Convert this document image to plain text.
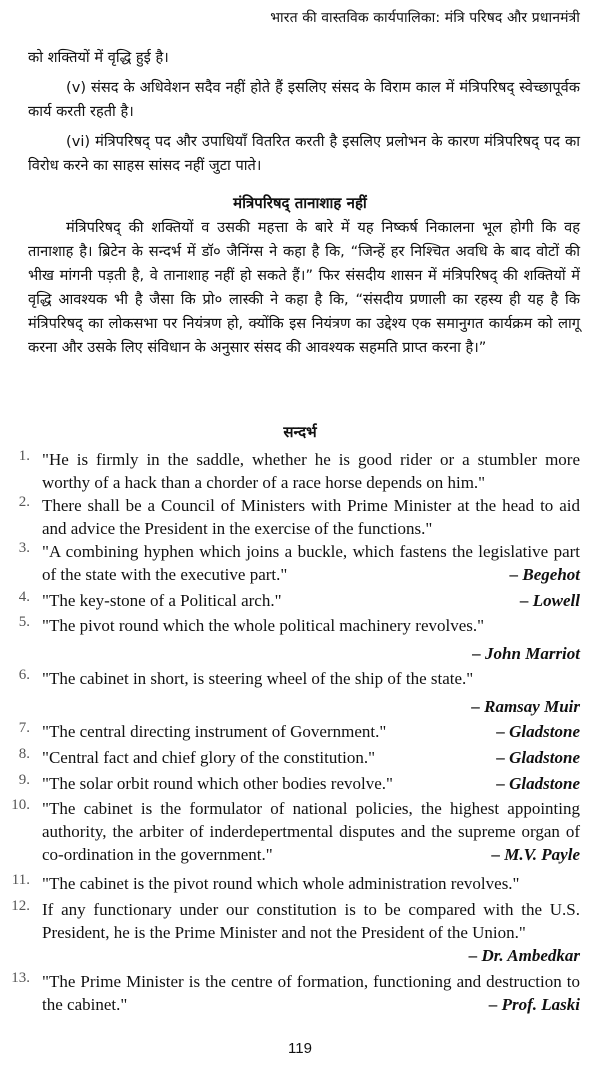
भारत की वास्तविक कार्यपालिका: मंत्रि परिषद और प्रधानमंत्री

को शक्तियों में वृद्धि हुई है।

(v) संसद के अधिवेशन सदैव नहीं होते हैं इसलिए संसद के विराम काल में मंत्रिपरिषद् स्वेच्छापूर्वक कार्य करती रहती है।

(vi) मंत्रिपरिषद् पद और उपाधियाँ वितरित करती है इसलिए प्रलोभन के कारण मंत्रिपरिषद् पद का विरोध करने का साहस सांसद नहीं जुटा पाते।

मंत्रिपरिषद् तानाशाह नहीं

मंत्रिपरिषद् की शक्तियों व उसकी महत्ता के बारे में यह निष्कर्ष निकालना भूल होगी कि वह तानाशाह है। ब्रिटेन के सन्दर्भ में डॉ० जैनिंग्स ने कहा है कि, “जिन्हें हर निश्चित अवधि के बाद वोटों की भीख मांगनी पड़ती है, वे तानाशाह नहीं हो सकते हैं।” फिर संसदीय शासन में मंत्रिपरिषद् की शक्तियों में वृद्धि आवश्यक भी है जैसा कि प्रो० लास्की ने कहा है कि, “संसदीय प्रणाली का रहस्य ही यह है कि मंत्रिपरिषद् का लोकसभा पर नियंत्रण हो, क्योंकि इस नियंत्रण का उद्देश्य एक समानुगत कार्यक्रम को लागू करना और उसके लिए संविधान के अनुसार संसद की आवश्यक सहमति प्राप्त करना है।”

सन्दर्भ
1. "He is firmly in the saddle, whether he is good rider or a stumbler more worthy of a hack than a chorder of a race horse depends on him."
2. There shall be a Council of Ministers with Prime Minister at the head to aid and advice the President in the exercise of the functions."
3. "A combining hyphen which joins a buckle, which fastens the legislative part of the state with the executive part."	– Begehot
4. "The key-stone of a Political arch."	– Lowell
5. "The pivot round which the whole political machinery revolves."
– John Marriot
6. "The cabinet in short, is steering wheel of the ship of the state."
– Ramsay Muir
7. "The central directing instrument of Government."	– Gladstone
8. "Central fact and chief glory of the constitution."	– Gladstone
9. "The solar orbit round which other bodies revolve."	– Gladstone
10. "The cabinet is the formulator of national policies, the highest appointing authority, the arbiter of inderdepertmental disputes and the supreme organ of co-ordination in the government."	– M.V. Payle
11. "The cabinet is the pivot round which whole administration revolves."
12. If any functionary under our constitution is to be compared with the U.S. President, he is the Prime Minister and not the President of the Union."
– Dr. Ambedkar
13. "The Prime Minister is the centre of formation, functioning and destruction to the cabinet."	– Prof. Laski
119
